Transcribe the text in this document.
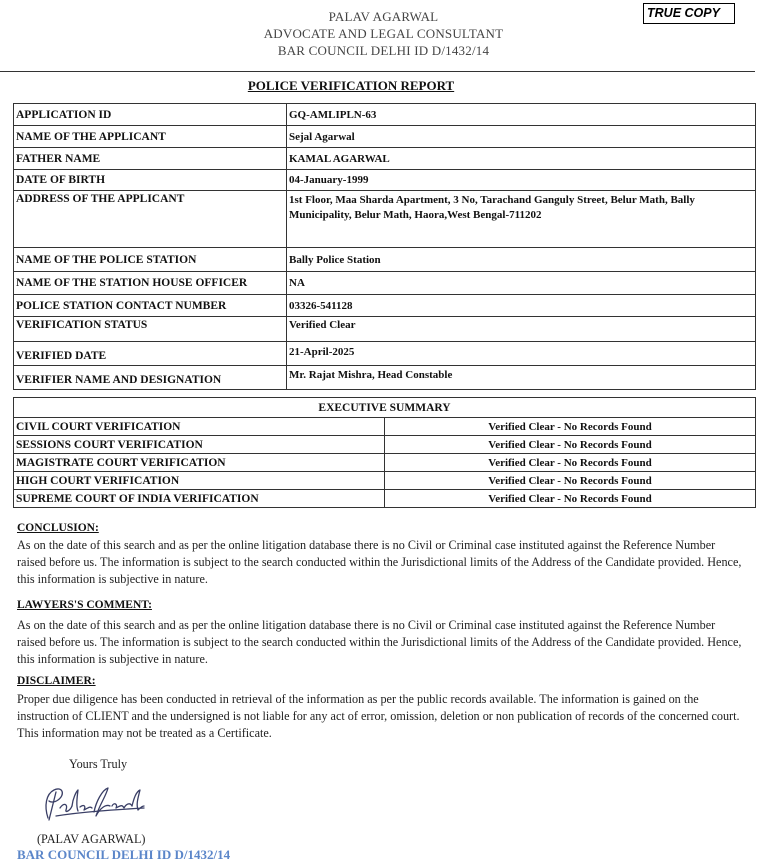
TRUE COPY
PALAV AGARWAL
ADVOCATE AND LEGAL CONSULTANT
BAR COUNCIL DELHI ID D/1432/14
POLICE VERIFICATION REPORT
APPLICATION ID	GQ-AMLIPLN-63
NAME OF THE APPLICANT	Sejal Agarwal
FATHER NAME	KAMAL AGARWAL
DATE OF BIRTH	04-January-1999
ADDRESS OF THE APPLICANT	1st Floor, Maa Sharda Apartment, 3 No, Tarachand Ganguly Street, Belur Math, Bally Municipality, Belur Math, Haora,West Bengal-711202
NAME OF THE POLICE STATION	Bally Police Station
NAME OF THE STATION HOUSE OFFICER	NA
POLICE STATION CONTACT NUMBER	03326-541128
VERIFICATION STATUS	Verified Clear
VERIFIED DATE	21-April-2025
VERIFIER NAME AND DESIGNATION	Mr. Rajat Mishra, Head Constable
EXECUTIVE SUMMARY	
CIVIL COURT VERIFICATION	Verified Clear - No Records Found
SESSIONS COURT VERIFICATION	Verified Clear - No Records Found
MAGISTRATE COURT VERIFICATION	Verified Clear - No Records Found
HIGH COURT VERIFICATION	Verified Clear - No Records Found
SUPREME COURT OF INDIA VERIFICATION	Verified Clear - No Records Found
CONCLUSION:
As on the date of this search and as per the online litigation database there is no Civil or Criminal case instituted against the Reference Number raised before us. The information is subject to the search conducted within the Jurisdictional limits of the Address of the Candidate provided. Hence, this information is subjective in nature.
LAWYERS'S COMMENT:
As on the date of this search and as per the online litigation database there is no Civil or Criminal case instituted against the Reference Number raised before us. The information is subject to the search conducted within the Jurisdictional limits of the Address of the Candidate provided. Hence, this information is subjective in nature.
DISCLAIMER:
Proper due diligence has been conducted in retrieval of the information as per the public records available. The information is gained on the instruction of CLIENT and the undersigned is not liable for any act of error, omission, deletion or non publication of records of the concerned court. This information may not be treated as a Certificate.
Yours Truly
(PALAV AGARWAL)
BAR COUNCIL DELHI ID D/1432/14
